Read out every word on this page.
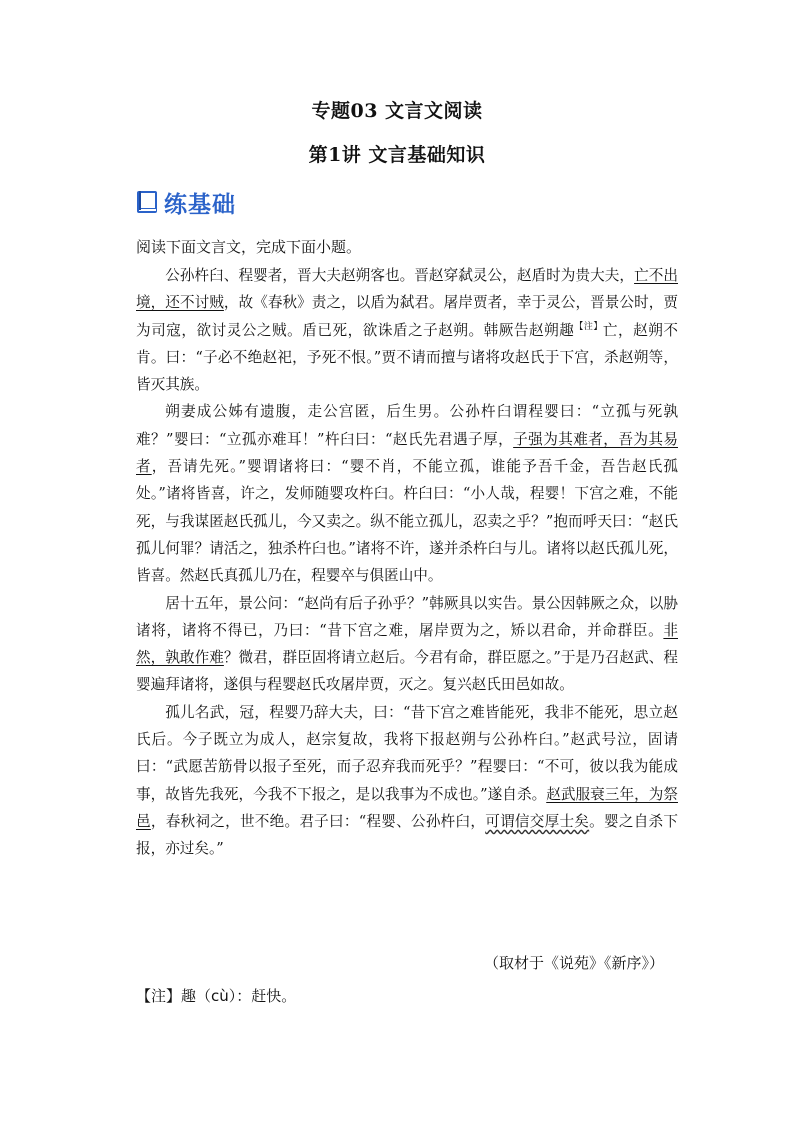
专题03 文言文阅读
第1讲 文言基础知识
练基础
阅读下面文言文，完成下面小题。

公孙杵臼、程婴者，晋大夫赵朔客也。晋赵穿弑灵公，赵盾时为贵大夫，亡不出境，还不讨贼，故《春秋》责之，以盾为弑君。屠岸贾者，幸于灵公，晋景公时，贾为司寇，欲讨灵公之贼。盾已死，欲诛盾之子赵朔。韩厥告赵朔趣$^{【注】}$亡，赵朔不肯。曰：“子必不绝赵祀，予死不恨。”贾不请而擅与诸将攻赵氏于下宫，杀赵朔等，皆灭其族。

朔妻成公姊有遗腹，走公宫匿，后生男。公孙杵臼谓程婴曰：“立孤与死孰难？”婴曰：“立孤亦难耳！”杵臼曰：“赵氏先君遇子厚，子强为其难者，吾为其易者，吾请先死。”婴谓诸将曰：“婴不肖，不能立孤，谁能予吾千金，吾告赵氏孤处。”诸将皆喜，许之，发师随婴攻杵臼。杵臼曰：“小人哉，程婴！下宫之难，不能死，与我谋匿赵氏孤儿，今又卖之。纵不能立孤儿，忍卖之乎？”抱而呼天曰：“赵氏孤儿何罪？请活之，独杀杵臼也。”诸将不许，遂并杀杵臼与儿。诸将以赵氏孤儿死，皆喜。然赵氏真孤儿乃在，程婴卒与俱匿山中。

居十五年，景公问：“赵尚有后子孙乎？”韩厥具以实告。景公因韩厥之众，以胁诸将，诸将不得已，乃曰：“昔下宫之难，屠岸贾为之，矫以君命，并命群臣。非然，孰敢作难？微君，群臣固将请立赵后。今君有命，群臣愿之。”于是乃召赵武、程婴遍拜诸将，遂俱与程婴赵氏攻屠岸贾，灭之。复兴赵氏田邑如故。

孤儿名武，冠，程婴乃辞大夫，曰：“昔下宫之难皆能死，我非不能死，思立赵氏后。今子既立为成人，赵宗复故，我将下报赵朔与公孙杵臼。”赵武号泣，固请曰：“武愿苦筋骨以报子至死，而子忍弃我而死乎？”程婴曰：“不可，彼以我为能成事，故皆先我死，今我不下报之，是以我事为不成也。”遂自杀。赵武服衰三年，为祭邑，春秋祠之，世不绝。君子曰：“程婴、公孙杵臼，可谓信交厚士矣。婴之自杀下报，亦过矣。”

（取材于《说苑》《新序》）
【注】趣（cù）：赶快。
